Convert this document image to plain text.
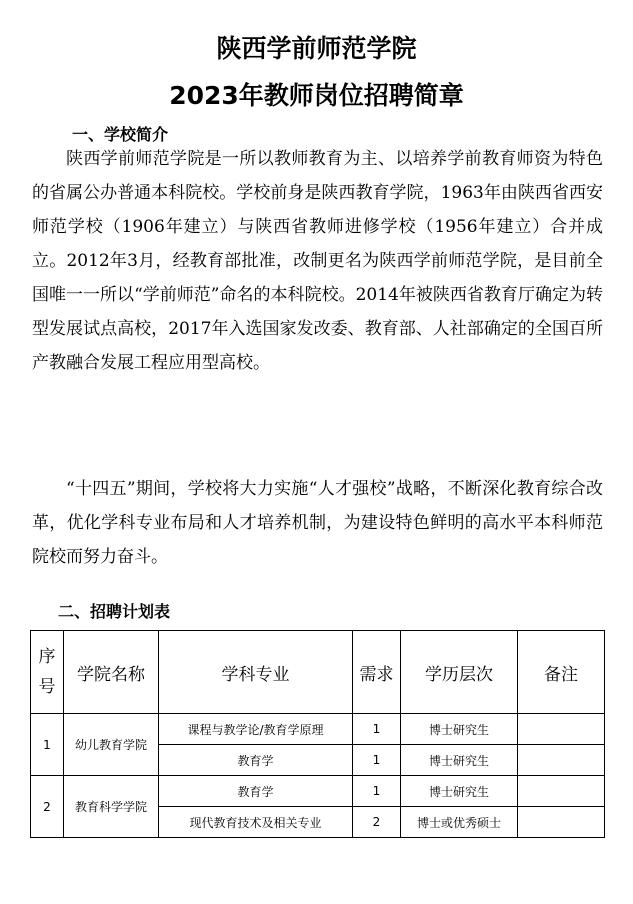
陕西学前师范学院
2023年教师岗位招聘简章
一、学校简介

陕西学前师范学院是一所以教师教育为主、以培养学前教育师资为特色的省属公办普通本科院校。学校前身是陕西教育学院，1963年由陕西省西安师范学校（1906年建立）与陕西省教师进修学校（1956年建立）合并成立。2012年3月，经教育部批准，改制更名为陕西学前师范学院，是目前全国唯一一所以“学前师范”命名的本科院校。2014年被陕西省教育厅确定为转型发展试点高校，2017年入选国家发改委、教育部、人社部确定的全国百所产教融合发展工程应用型高校。

“十四五”期间，学校将大力实施“人才强校”战略，不断深化教育综合改革，优化学科专业布局和人才培养机制，为建设特色鲜明的高水平本科师范院校而努力奋斗。

二、招聘计划表
序
号	学院名称	学科专业	需求	学历层次	备注
1	幼儿教育学院	课程与教学论/教育学原理	1	博士研究生	
		教育学	1	博士研究生	
2	教育科学学院	教育学	1	博士研究生	
		现代教育技术及相关专业	2	博士或优秀硕士	
